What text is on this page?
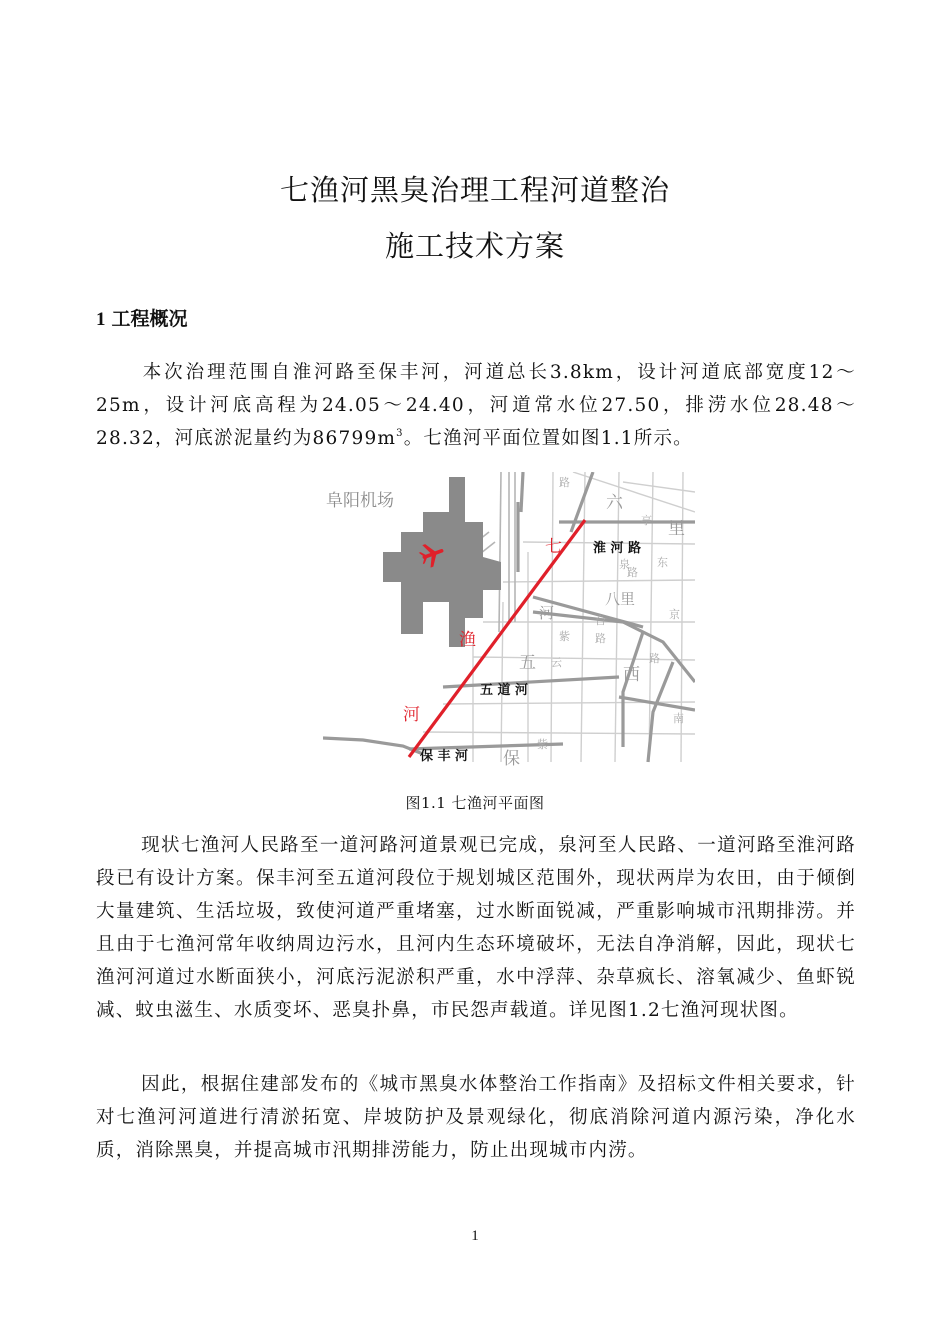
七渔河黑臭治理工程河道整治
施工技术方案
1 工程概况

本次治理范围自淮河路至保丰河，河道总长3.8km，设计河道底部宽度12～25m，设计河底高程为24.05～24.40，河道常水位27.50，排涝水位28.48～28.32，河底淤泥量约为$86799m^3$。七渔河平面位置如图1.1所示。

阜阳机场
七
渔
河
淮 河 路
五 道 河
保 丰 河
六
里
亭
东
路
路
路
路
八里
河	京
紫
台
五 云
西
南
保
紫
泉
图1.1 七渔河平面图

现状七渔河人民路至一道河路河道景观已完成，泉河至人民路、一道河路至淮河路段已有设计方案。保丰河至五道河段位于规划城区范围外，现状两岸为农田，由于倾倒大量建筑、生活垃圾，致使河道严重堵塞，过水断面锐减，严重影响城市汛期排涝。并且由于七渔河常年收纳周边污水，且河内生态环境破坏，无法自净消解，因此，现状七渔河河道过水断面狭小，河底污泥淤积严重，水中浮萍、杂草疯长、溶氧减少、鱼虾锐减、蚊虫滋生、水质变坏、恶臭扑鼻，市民怨声载道。详见图1.2七渔河现状图。

因此，根据住建部发布的《城市黑臭水体整治工作指南》及招标文件相关要求，针对七渔河河道进行清淤拓宽、岸坡防护及景观绿化，彻底消除河道内源污染，净化水质，消除黑臭，并提高城市汛期排涝能力，防止出现城市内涝。

1
